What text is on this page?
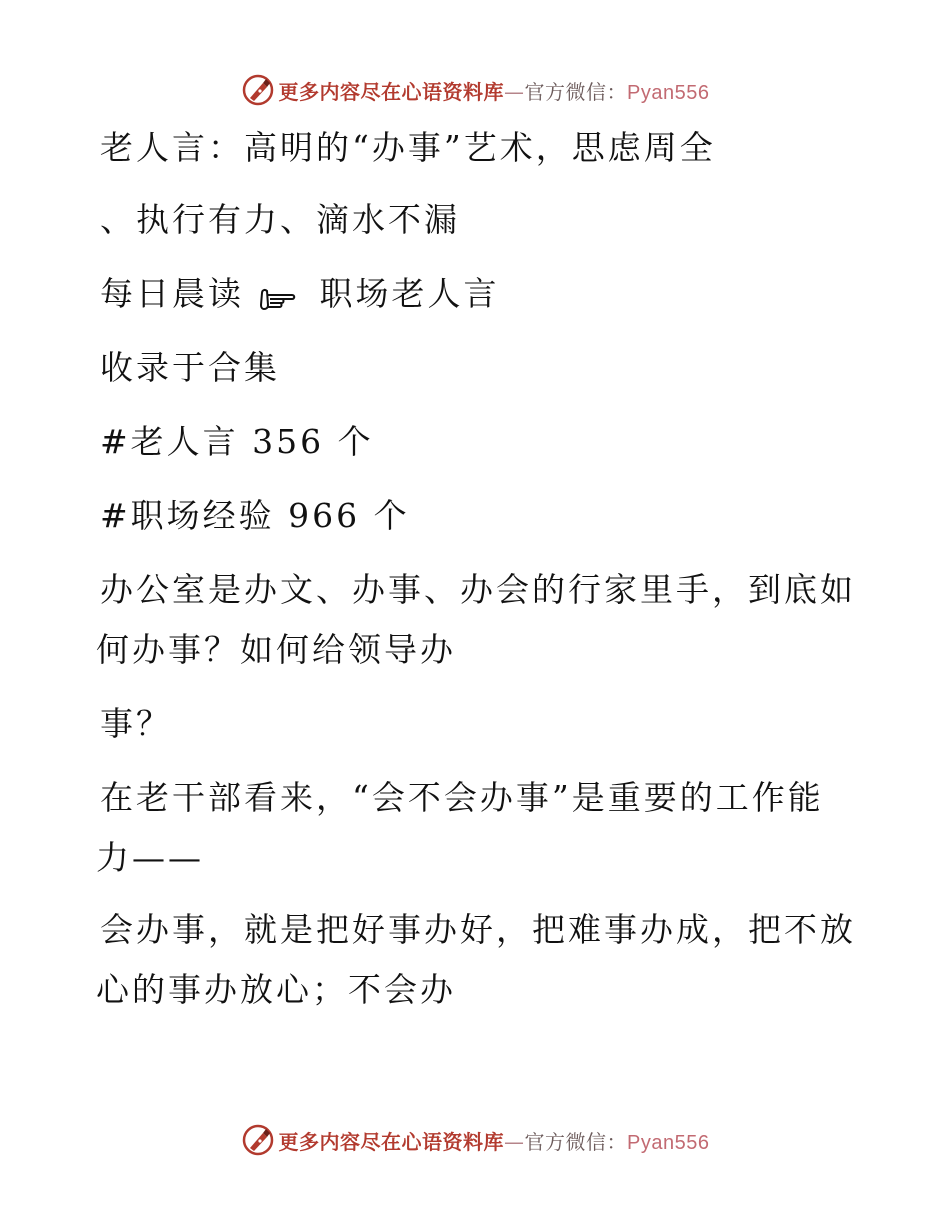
更多内容尽在心语资料库—官方微信：Pyan556
老人言：高明的“办事”艺术，思虑周全
、执行有力、滴水不漏
每日晨读 职场老人言
收录于合集
#老人言 356 个
#职场经验 966 个
办公室是办文、办事、办会的行家里手，到底如
何办事？如何给领导办
事？
在老干部看来，“会不会办事”是重要的工作能
力——
会办事，就是把好事办好，把难事办成，把不放
心的事办放心；不会办
更多内容尽在心语资料库—官方微信：Pyan556
